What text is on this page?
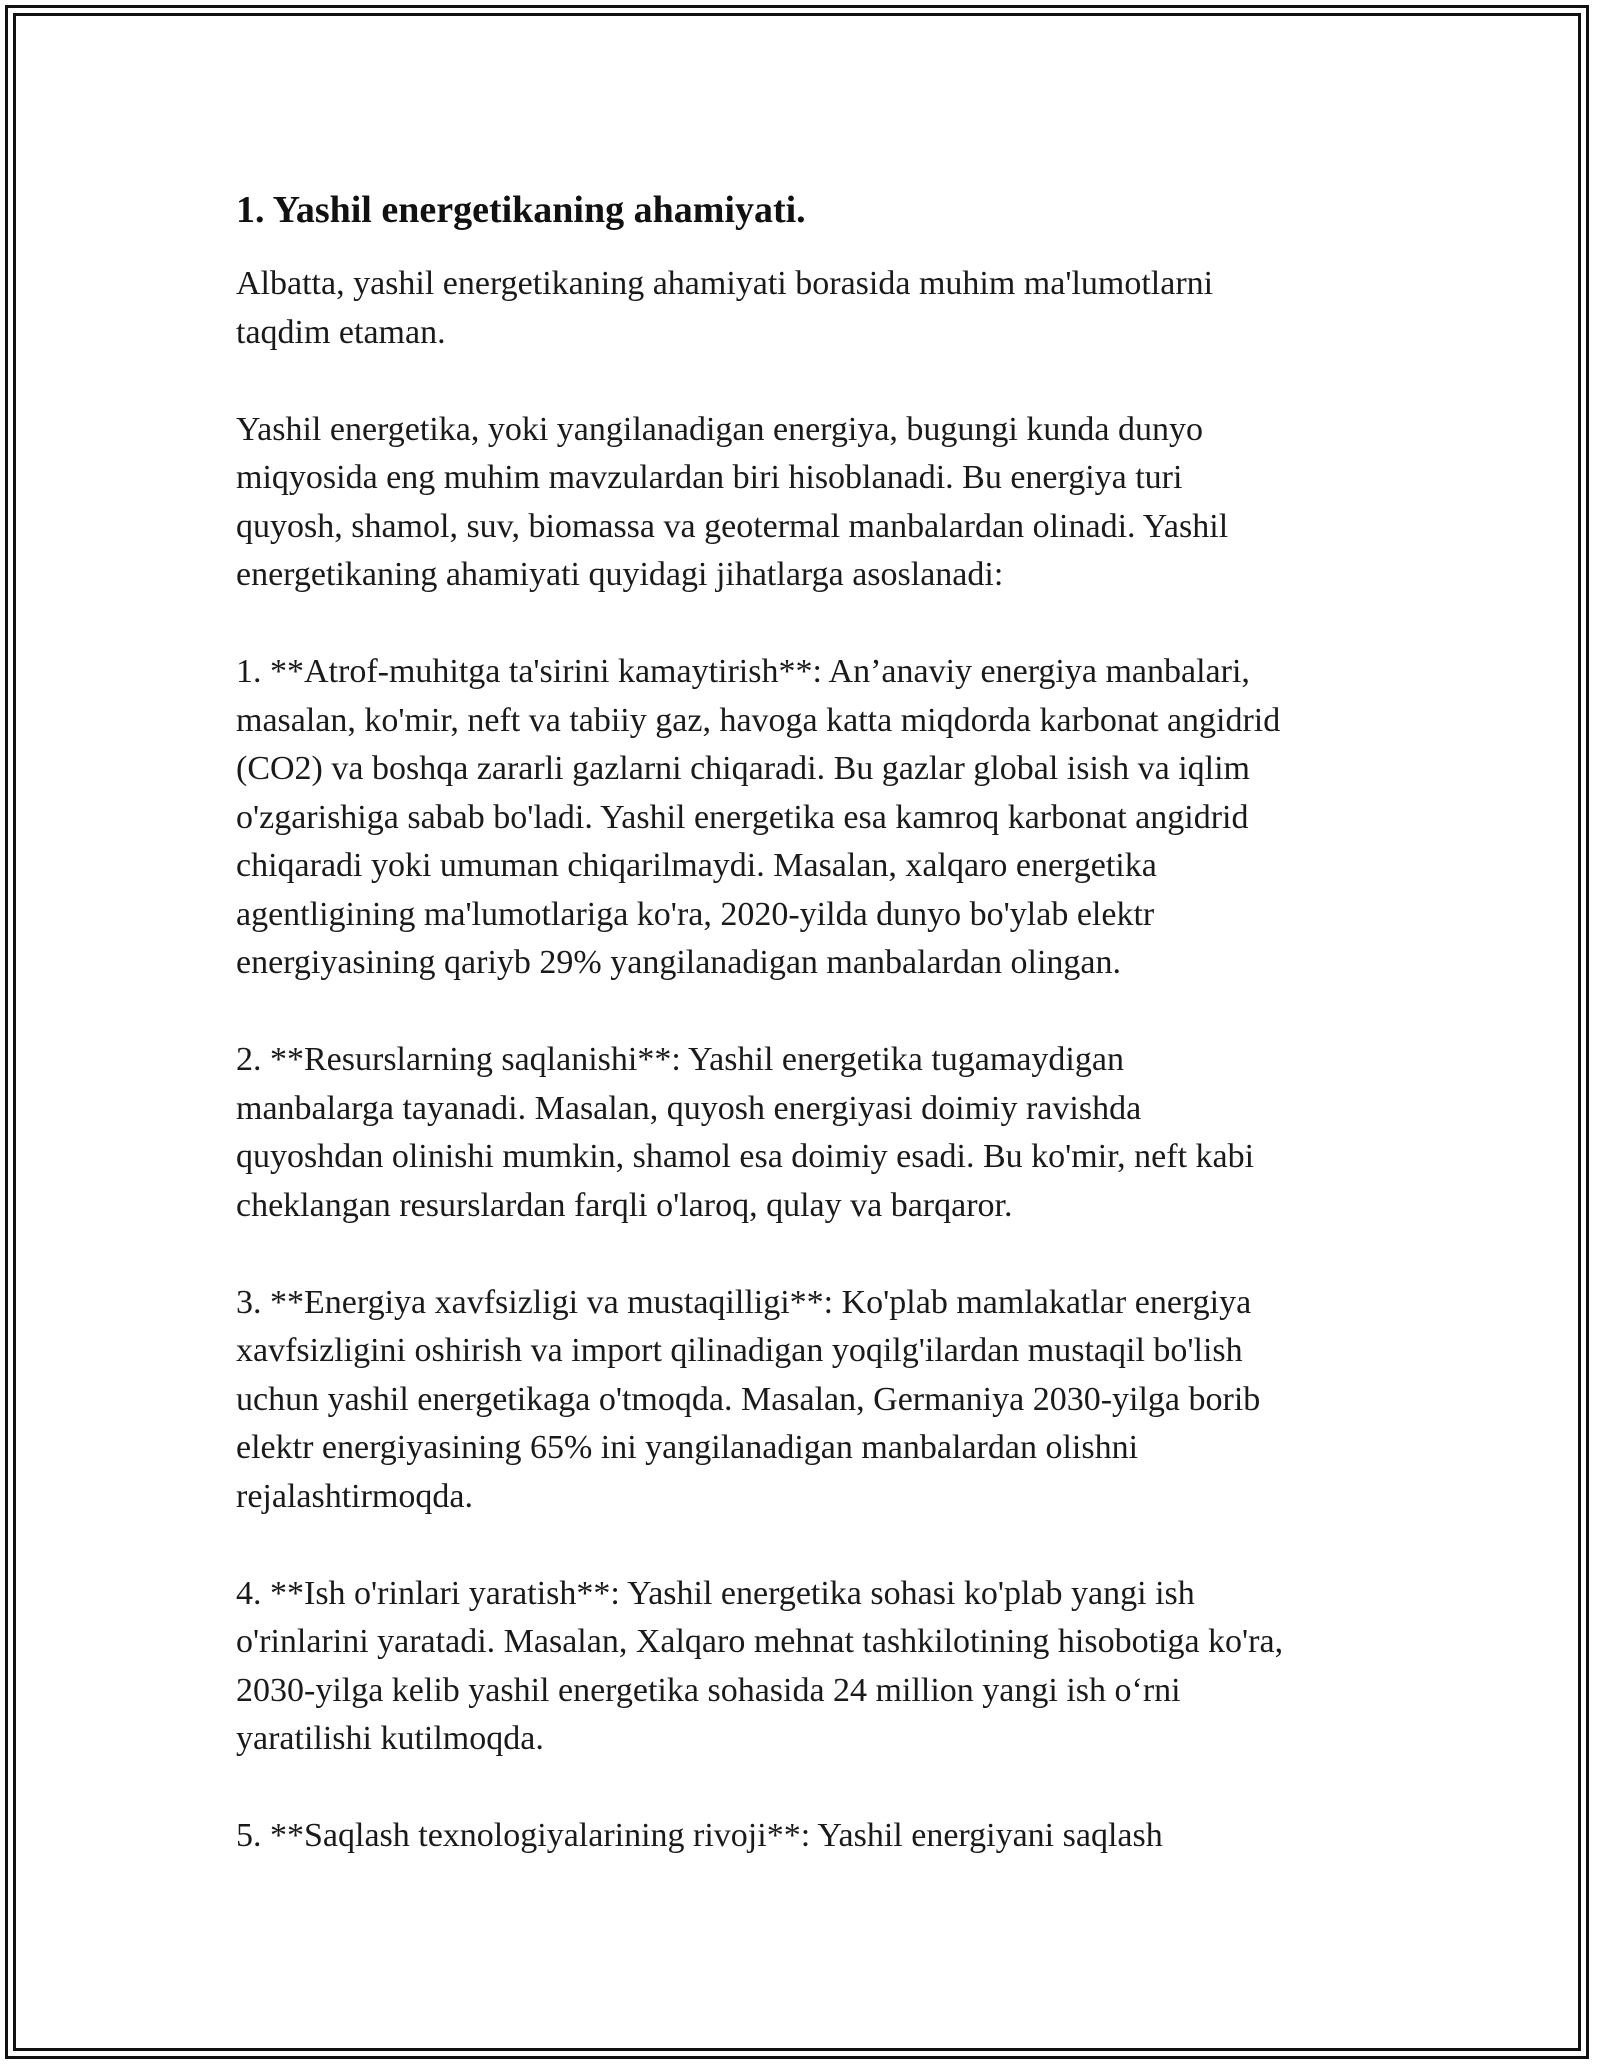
1. Yashil energetikaning ahamiyati.

Albatta, yashil energetikaning ahamiyati borasida muhim ma'lumotlarni
taqdim etaman.

Yashil energetika, yoki yangilanadigan energiya, bugungi kunda dunyo
miqyosida eng muhim mavzulardan biri hisoblanadi. Bu energiya turi
quyosh, shamol, suv, biomassa va geotermal manbalardan olinadi. Yashil
energetikaning ahamiyati quyidagi jihatlarga asoslanadi:

1. **Atrof-muhitga ta'sirini kamaytirish**: An’anaviy energiya manbalari,
masalan, ko'mir, neft va tabiiy gaz, havoga katta miqdorda karbonat angidrid
(CO2) va boshqa zararli gazlarni chiqaradi. Bu gazlar global isish va iqlim
o'zgarishiga sabab bo'ladi. Yashil energetika esa kamroq karbonat angidrid
chiqaradi yoki umuman chiqarilmaydi. Masalan, xalqaro energetika
agentligining ma'lumotlariga ko'ra, 2020-yilda dunyo bo'ylab elektr
energiyasining qariyb 29% yangilanadigan manbalardan olingan.

2. **Resurslarning saqlanishi**: Yashil energetika tugamaydigan
manbalarga tayanadi. Masalan, quyosh energiyasi doimiy ravishda
quyoshdan olinishi mumkin, shamol esa doimiy esadi. Bu ko'mir, neft kabi
cheklangan resurslardan farqli o'laroq, qulay va barqaror.

3. **Energiya xavfsizligi va mustaqilligi**: Ko'plab mamlakatlar energiya
xavfsizligini oshirish va import qilinadigan yoqilg'ilardan mustaqil bo'lish
uchun yashil energetikaga o'tmoqda. Masalan, Germaniya 2030-yilga borib
elektr energiyasining 65% ini yangilanadigan manbalardan olishni
rejalashtirmoqda.

4. **Ish o'rinlari yaratish**: Yashil energetika sohasi ko'plab yangi ish
o'rinlarini yaratadi. Masalan, Xalqaro mehnat tashkilotining hisobotiga ko'ra,
2030-yilga kelib yashil energetika sohasida 24 million yangi ish o‘rni
yaratilishi kutilmoqda.

5. **Saqlash texnologiyalarining rivoji**: Yashil energiyani saqlash
